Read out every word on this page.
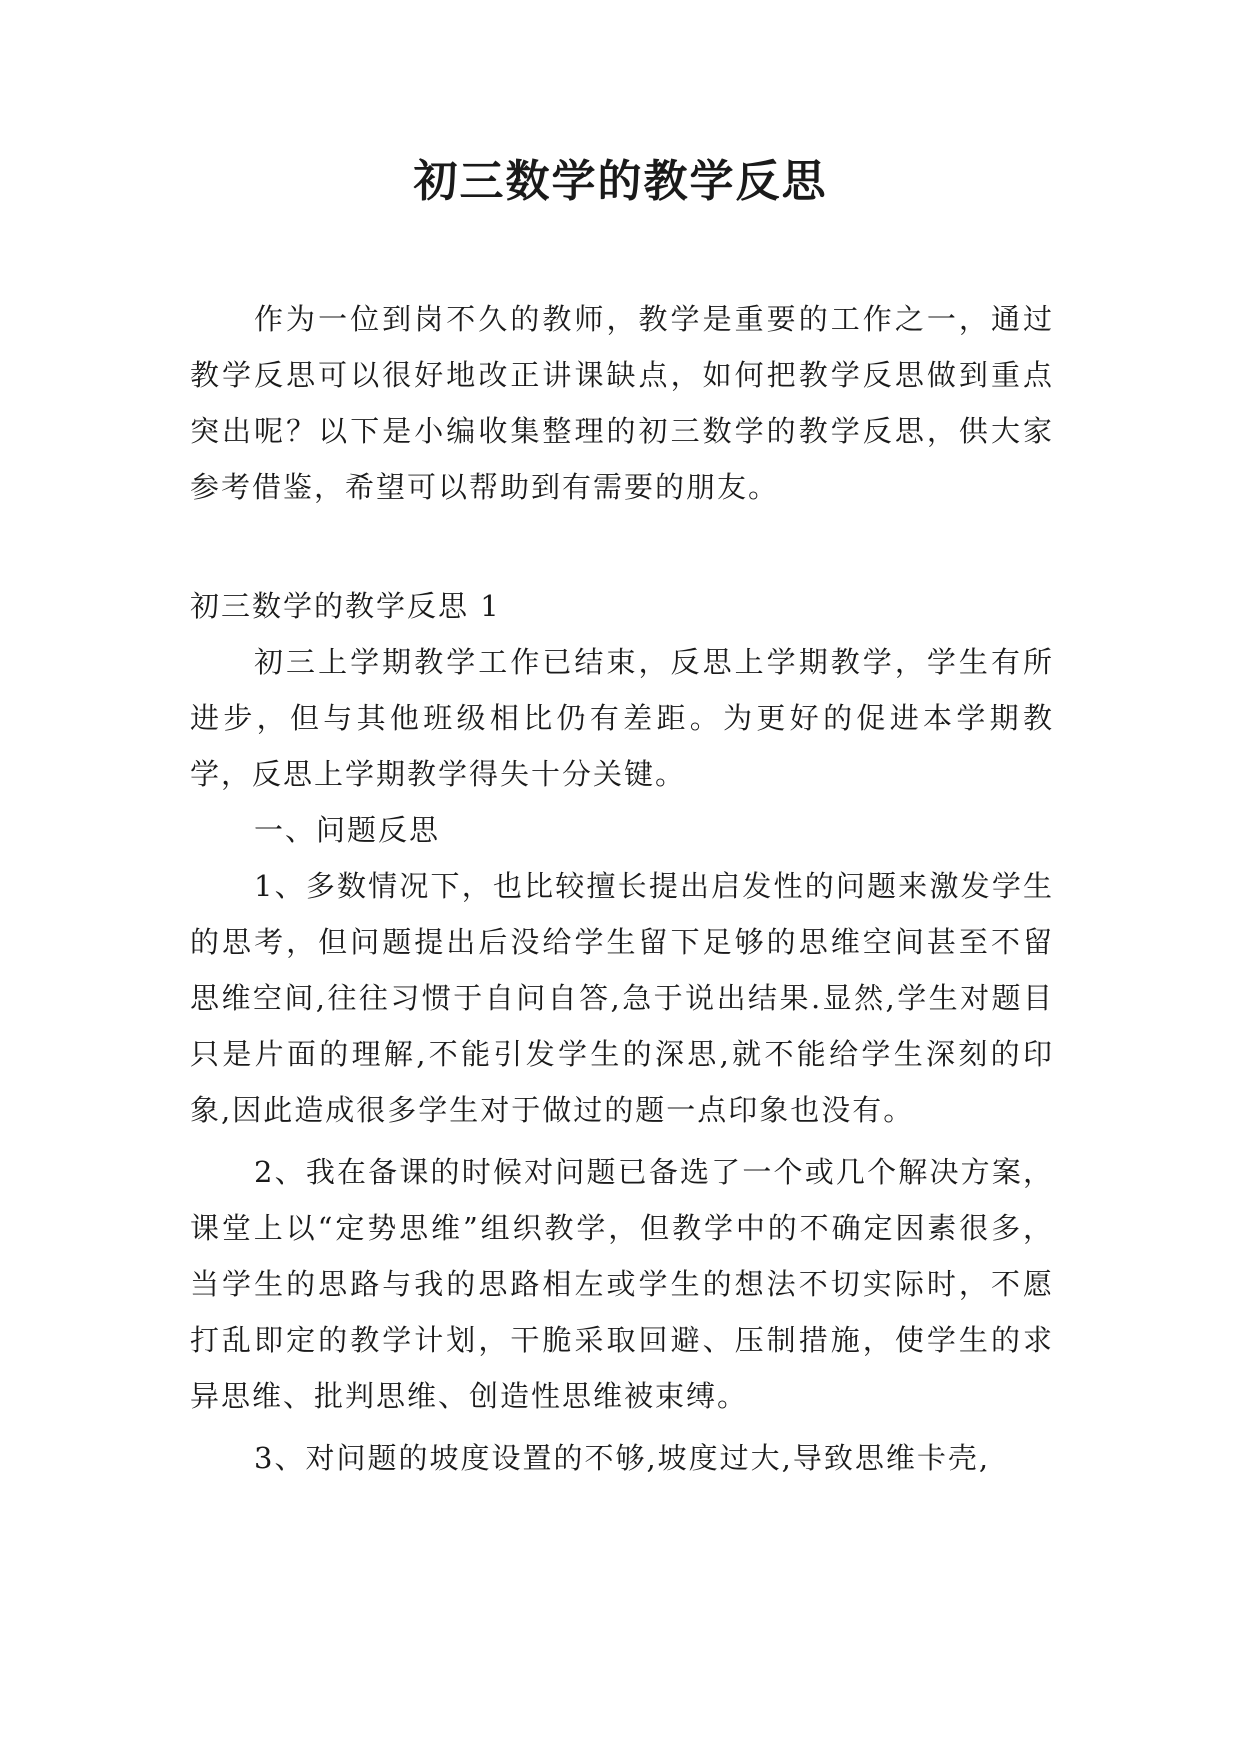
初三数学的教学反思

作为一位到岗不久的教师，教学是重要的工作之一，通过教学反思可以很好地改正讲课缺点，如何把教学反思做到重点突出呢？以下是小编收集整理的初三数学的教学反思，供大家参考借鉴，希望可以帮助到有需要的朋友。

初三数学的教学反思 1

初三上学期教学工作已结束，反思上学期教学，学生有所进步，但与其他班级相比仍有差距。为更好的促进本学期教学，反思上学期教学得失十分关键。

一、问题反思

1、多数情况下，也比较擅长提出启发性的问题来激发学生的思考，但问题提出后没给学生留下足够的思维空间甚至不留思维空间,往往习惯于自问自答,急于说出结果.显然,学生对题目只是片面的理解,不能引发学生的深思,就不能给学生深刻的印象,因此造成很多学生对于做过的题一点印象也没有。

2、我在备课的时候对问题已备选了一个或几个解决方案，课堂上以“定势思维”组织教学，但教学中的不确定因素很多，当学生的思路与我的思路相左或学生的想法不切实际时，不愿打乱即定的教学计划，干脆采取回避、压制措施，使学生的求异思维、批判思维、创造性思维被束缚。

3、对问题的坡度设置的不够,坡度过大,导致思维卡壳,
